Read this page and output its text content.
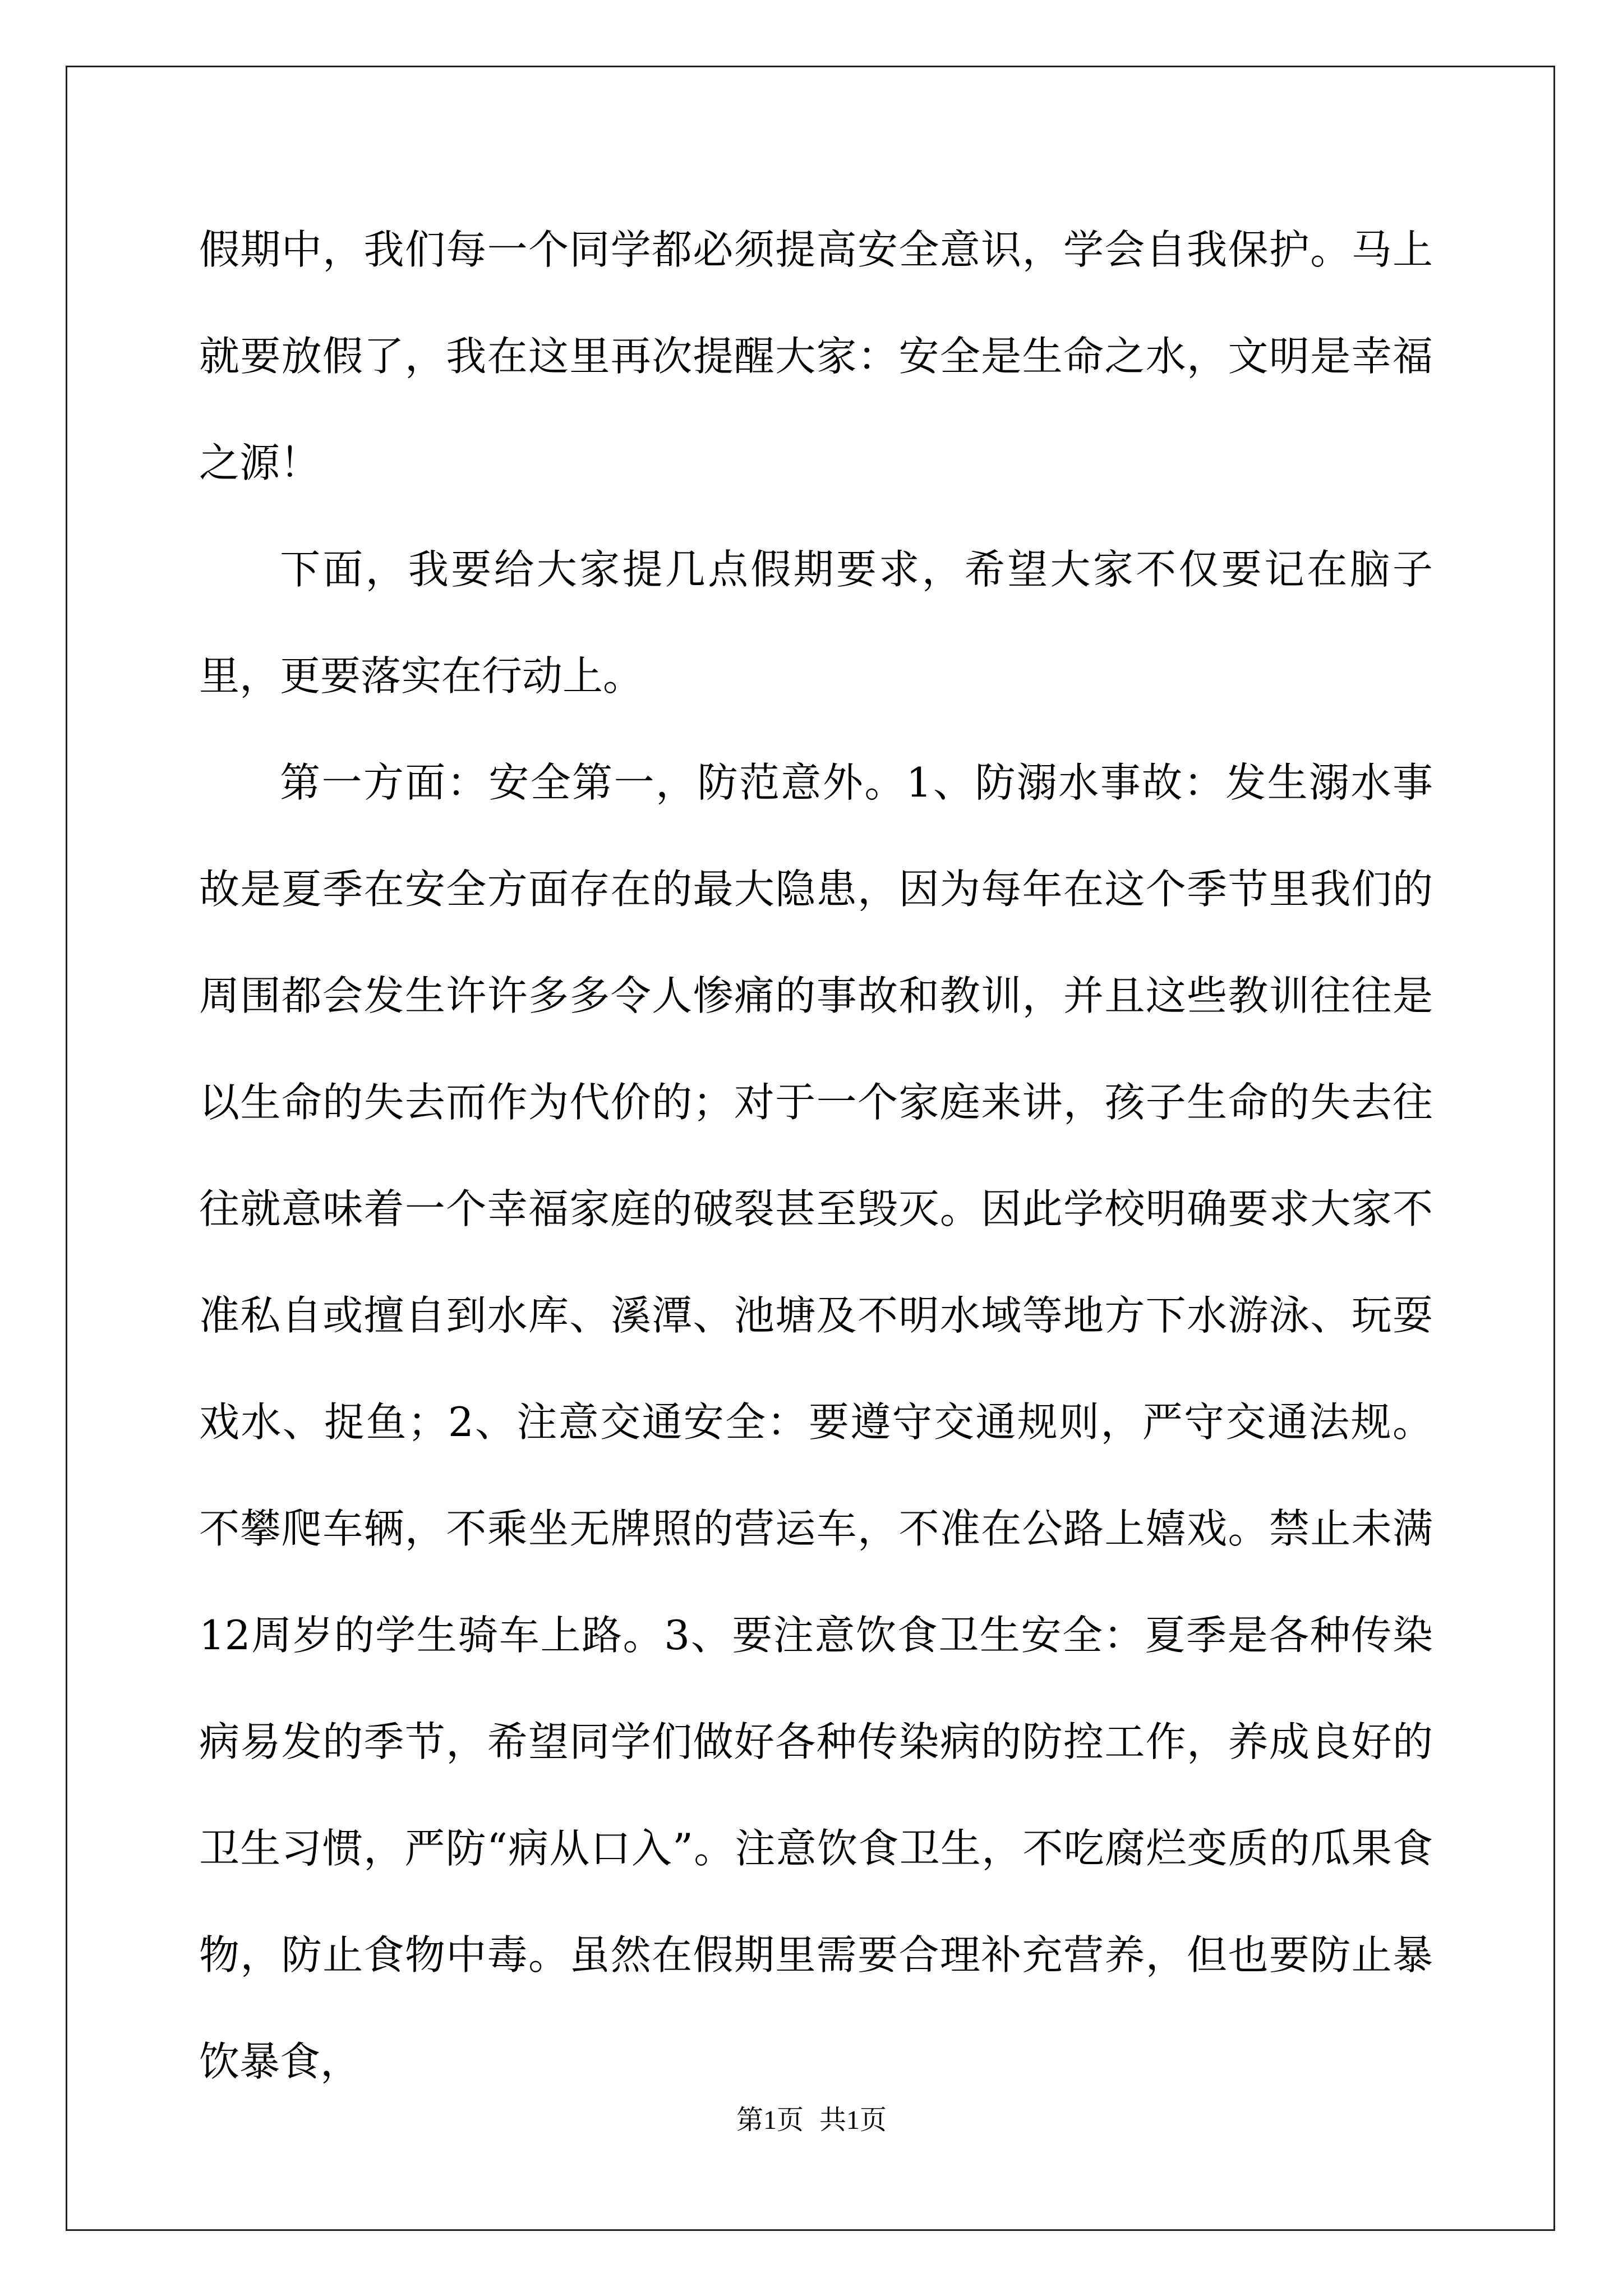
假期中，我们每一个同学都必须提高安全意识，学会自我保护。马上就要放假了，我在这里再次提醒大家：安全是生命之水，文明是幸福之源！

下面，我要给大家提几点假期要求，希望大家不仅要记在脑子里，更要落实在行动上。

第一方面：安全第一，防范意外。1、防溺水事故：发生溺水事故是夏季在安全方面存在的最大隐患，因为每年在这个季节里我们的周围都会发生许许多多令人惨痛的事故和教训，并且这些教训往往是以生命的失去而作为代价的；对于一个家庭来讲，孩子生命的失去往往就意味着一个幸福家庭的破裂甚至毁灭。因此学校明确要求大家不准私自或擅自到水库、溪潭、池塘及不明水域等地方下水游泳、玩耍戏水、捉鱼；2、注意交通安全：要遵守交通规则，严守交通法规。不攀爬车辆，不乘坐无牌照的营运车，不准在公路上嬉戏。禁止未满12周岁的学生骑车上路。3、要注意饮食卫生安全：夏季是各种传染病易发的季节，希望同学们做好各种传染病的防控工作，养成良好的卫生习惯，严防“病从口入”。注意饮食卫生，不吃腐烂变质的瓜果食物，防止食物中毒。虽然在假期里需要合理补充营养，但也要防止暴饮暴食，

第1页 共1页
